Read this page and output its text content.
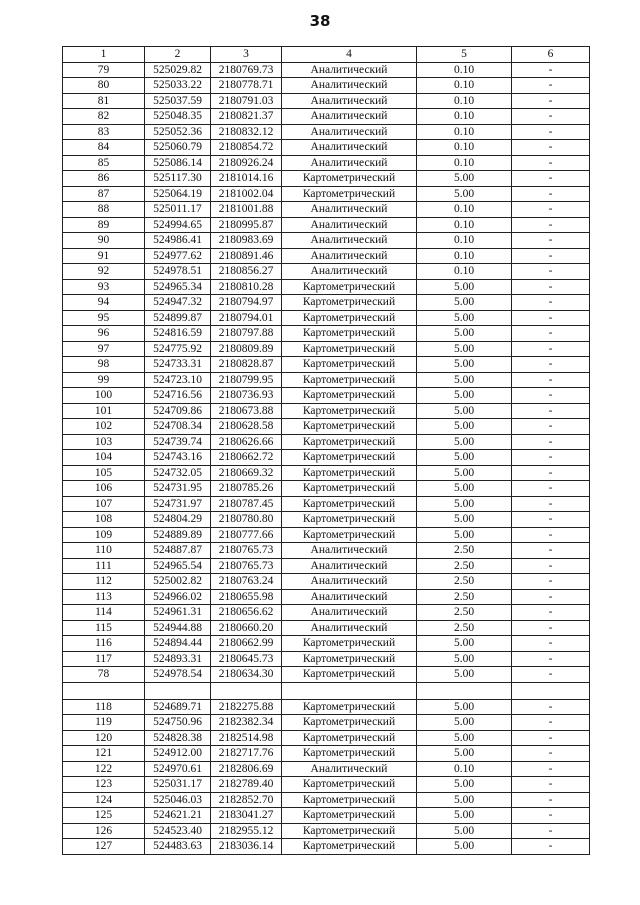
38
1	2	3	4	5	6
79	525029.82	2180769.73	Аналитический	0.10	-
80	525033.22	2180778.71	Аналитический	0.10	-
81	525037.59	2180791.03	Аналитический	0.10	-
82	525048.35	2180821.37	Аналитический	0.10	-
83	525052.36	2180832.12	Аналитический	0.10	-
84	525060.79	2180854.72	Аналитический	0.10	-
85	525086.14	2180926.24	Аналитический	0.10	-
86	525117.30	2181014.16	Картометрический	5.00	-
87	525064.19	2181002.04	Картометрический	5.00	-
88	525011.17	2181001.88	Аналитический	0.10	-
89	524994.65	2180995.87	Аналитический	0.10	-
90	524986.41	2180983.69	Аналитический	0.10	-
91	524977.62	2180891.46	Аналитический	0.10	-
92	524978.51	2180856.27	Аналитический	0.10	-
93	524965.34	2180810.28	Картометрический	5.00	-
94	524947.32	2180794.97	Картометрический	5.00	-
95	524899.87	2180794.01	Картометрический	5.00	-
96	524816.59	2180797.88	Картометрический	5.00	-
97	524775.92	2180809.89	Картометрический	5.00	-
98	524733.31	2180828.87	Картометрический	5.00	-
99	524723.10	2180799.95	Картометрический	5.00	-
100	524716.56	2180736.93	Картометрический	5.00	-
101	524709.86	2180673.88	Картометрический	5.00	-
102	524708.34	2180628.58	Картометрический	5.00	-
103	524739.74	2180626.66	Картометрический	5.00	-
104	524743.16	2180662.72	Картометрический	5.00	-
105	524732.05	2180669.32	Картометрический	5.00	-
106	524731.95	2180785.26	Картометрический	5.00	-
107	524731.97	2180787.45	Картометрический	5.00	-
108	524804.29	2180780.80	Картометрический	5.00	-
109	524889.89	2180777.66	Картометрический	5.00	-
110	524887.87	2180765.73	Аналитический	2.50	-
111	524965.54	2180765.73	Аналитический	2.50	-
112	525002.82	2180763.24	Аналитический	2.50	-
113	524966.02	2180655.98	Аналитический	2.50	-
114	524961.31	2180656.62	Аналитический	2.50	-
115	524944.88	2180660.20	Аналитический	2.50	-
116	524894.44	2180662.99	Картометрический	5.00	-
117	524893.31	2180645.73	Картометрический	5.00	-
78	524978.54	2180634.30	Картометрический	5.00	-

118	524689.71	2182275.88	Картометрический	5.00	-
119	524750.96	2182382.34	Картометрический	5.00	-
120	524828.38	2182514.98	Картометрический	5.00	-
121	524912.00	2182717.76	Картометрический	5.00	-
122	524970.61	2182806.69	Аналитический	0.10	-
123	525031.17	2182789.40	Картометрический	5.00	-
124	525046.03	2182852.70	Картометрический	5.00	-
125	524621.21	2183041.27	Картометрический	5.00	-
126	524523.40	2182955.12	Картометрический	5.00	-
127	524483.63	2183036.14	Картометрический	5.00	-
